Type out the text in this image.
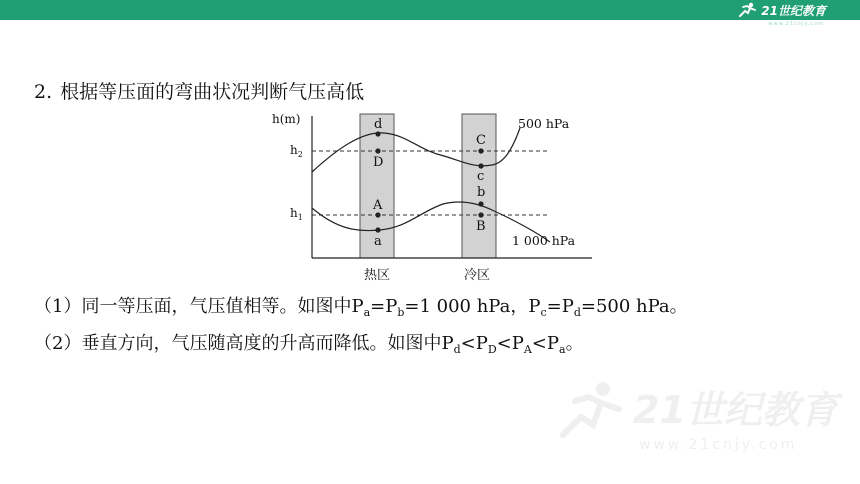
21世纪教育
www.21cnjy.com
2. 根据等压面的弯曲状况判断气压高低
d
D
A
a
C
c
b
B
h(m)
$h_2$
$h_1$
500 hPa
1 000 hPa
热区	冷区
（1）同一等压面，气压值相等。如图中$P_a=P_b=1$ 000 hPa，$P_c=P_d=500$ hPa。
（2）垂直方向，气压随高度的升高而降低。如图中$P_d<P_D<P_A<P_a$。
21世纪教育
www.21cnjy.com
